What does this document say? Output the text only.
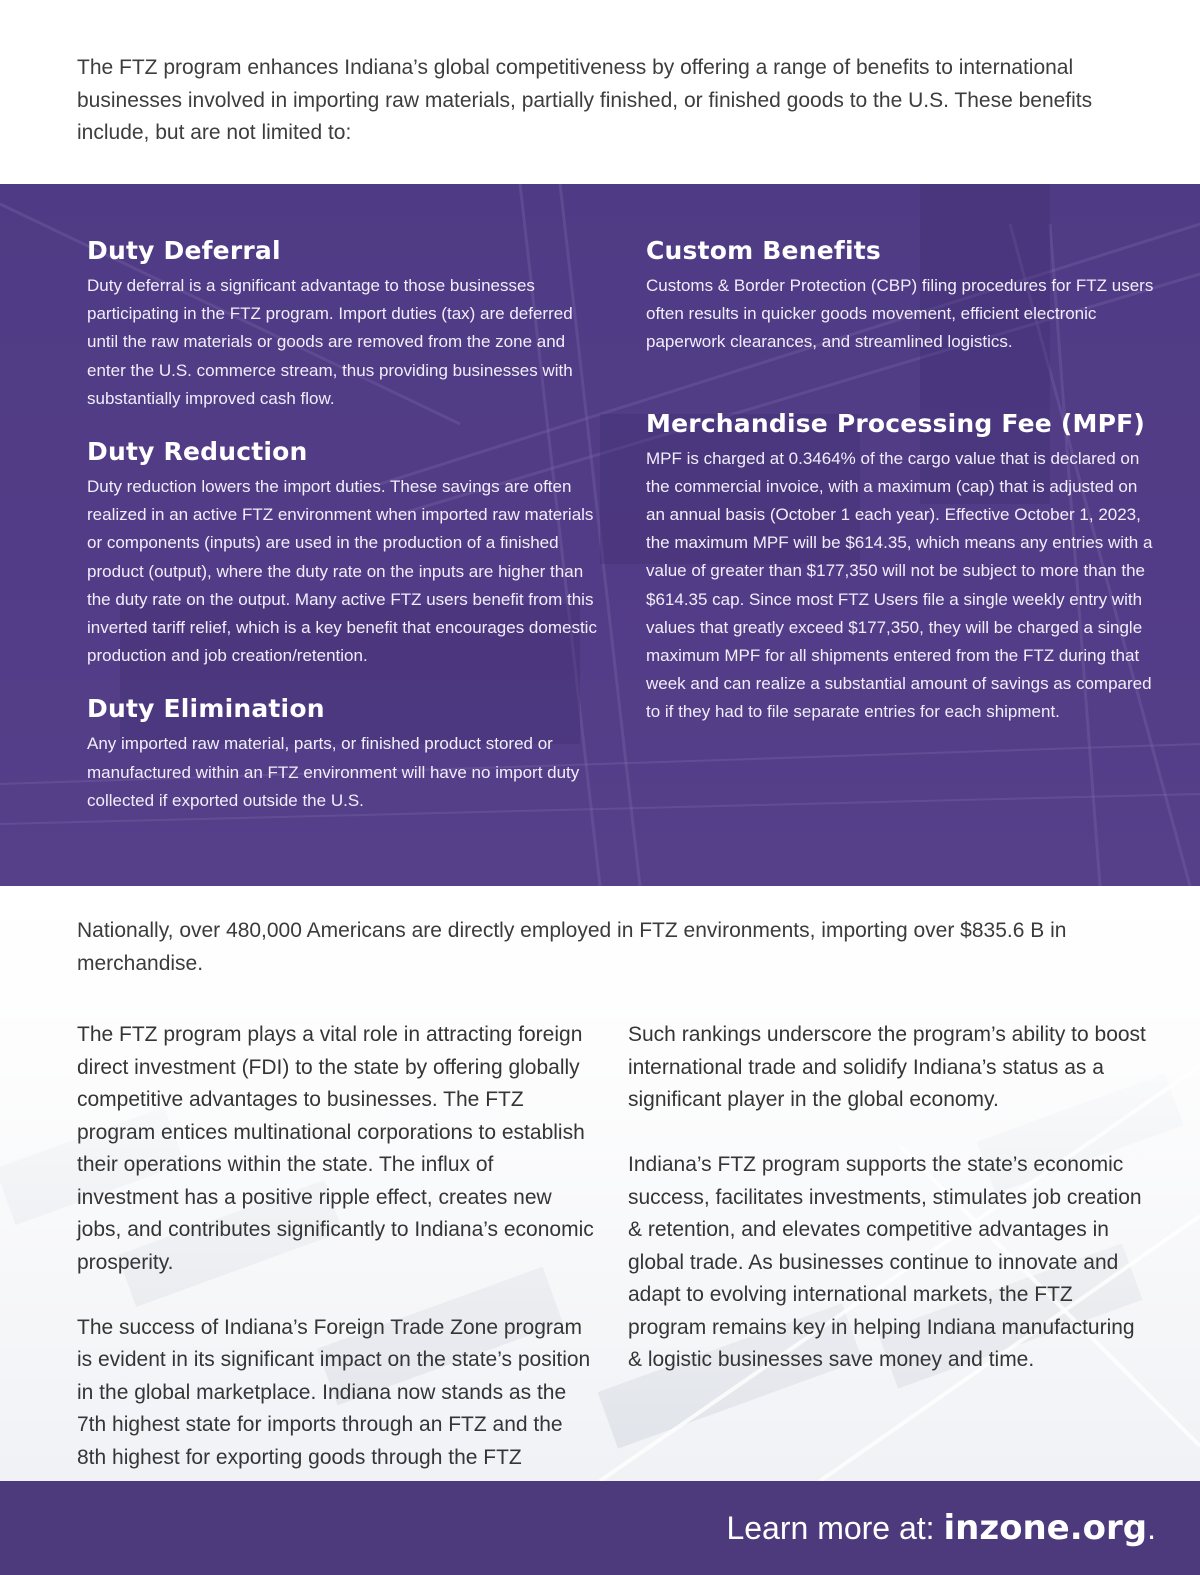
The FTZ program enhances Indiana’s global competitiveness by offering a range of benefits to international businesses involved in importing raw materials, partially finished, or finished goods to the U.S. These benefits include, but are not limited to:

Duty Deferral

Duty deferral is a significant advantage to those businesses participating in the FTZ program. Import duties (tax) are deferred until the raw materials or goods are removed from the zone and enter the U.S. commerce stream, thus providing businesses with substantially improved cash flow.

Duty Reduction

Duty reduction lowers the import duties. These savings are often realized in an active FTZ environment when imported raw materials or components (inputs) are used in the production of a finished product (output), where the duty rate on the inputs are higher than the duty rate on the output. Many active FTZ users benefit from this inverted tariff relief, which is a key benefit that encourages domestic production and job creation/retention.

Duty Elimination

Any imported raw material, parts, or finished product stored or manufactured within an FTZ environment will have no import duty collected if exported outside the U.S.

Custom Benefits

Customs & Border Protection (CBP) filing procedures for FTZ users often results in quicker goods movement, efficient electronic paperwork clearances, and streamlined logistics.

Merchandise Processing Fee (MPF)

MPF is charged at 0.3464% of the cargo value that is declared on the commercial invoice, with a maximum (cap) that is adjusted on an annual basis (October 1 each year). Effective October 1, 2023, the maximum MPF will be $614.35, which means any entries with a value of greater than $177,350 will not be subject to more than the $614.35 cap. Since most FTZ Users file a single weekly entry with values that greatly exceed $177,350, they will be charged a single maximum MPF for all shipments entered from the FTZ during that week and can realize a substantial amount of savings as compared to if they had to file separate entries for each shipment.

Nationally, over 480,000 Americans are directly employed in FTZ environments, importing over $835.6 B in merchandise.

The FTZ program plays a vital role in attracting foreign direct investment (FDI) to the state by offering globally competitive advantages to businesses. The FTZ program entices multinational corporations to establish their operations within the state. The influx of investment has a positive ripple effect, creates new jobs, and contributes significantly to Indiana’s economic prosperity.

The success of Indiana’s Foreign Trade Zone program is evident in its significant impact on the state’s position in the global marketplace. Indiana now stands as the 7th highest state for imports through an FTZ and the 8th highest for exporting goods through the FTZ

Such rankings underscore the program’s ability to boost international trade and solidify Indiana’s status as a significant player in the global economy.

Indiana’s FTZ program supports the state’s economic success, facilitates investments, stimulates job creation & retention, and elevates competitive advantages in global trade. As businesses continue to innovate and adapt to evolving international markets, the FTZ program remains key in helping Indiana manufacturing & logistic businesses save money and time.

Learn more at: inzone.org.
